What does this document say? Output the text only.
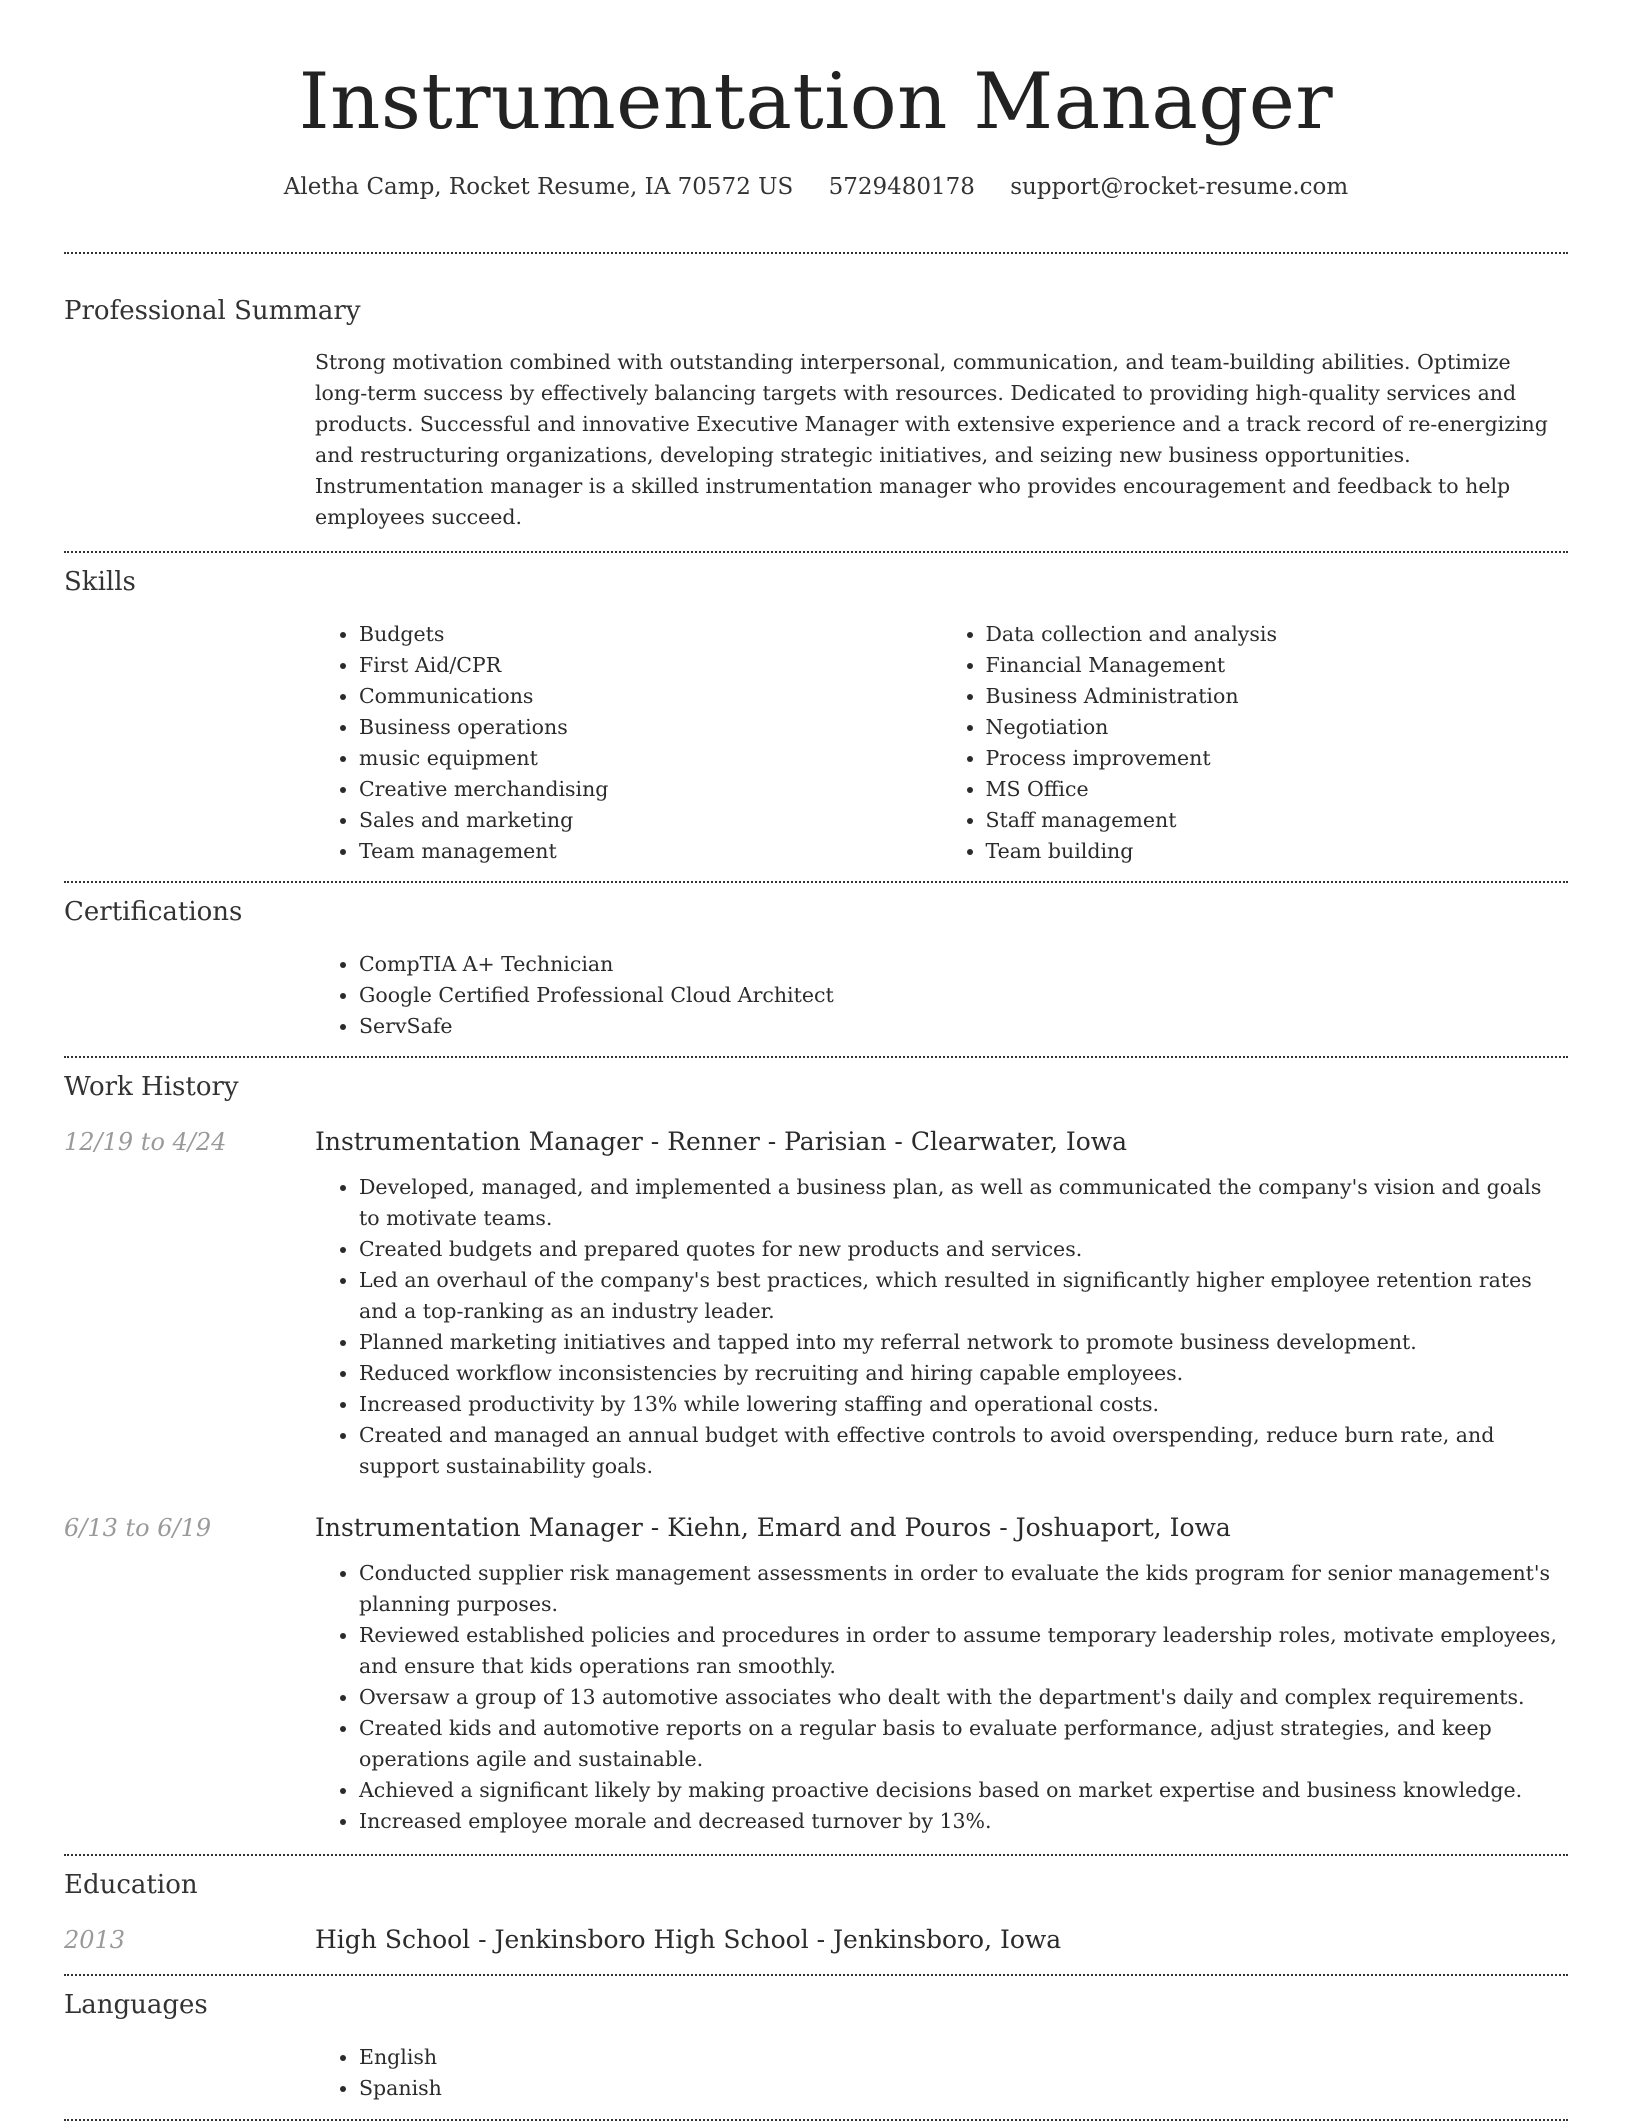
Instrumentation Manager
Aletha Camp, Rocket Resume, IA 70572 US 5729480178 support@rocket-resume.com
Professional Summary

Strong motivation combined with outstanding interpersonal, communication, and team-building abilities. Optimize long-term success by effectively balancing targets with resources. Dedicated to providing high-quality services and products. Successful and innovative Executive Manager with extensive experience and a track record of re-energizing and restructuring organizations, developing strategic initiatives, and seizing new business opportunities. Instrumentation manager is a skilled instrumentation manager who provides encouragement and feedback to help employees succeed.

Skills
• Budgets
• First Aid/CPR
• Communications
• Business operations
• music equipment
• Creative merchandising
• Sales and marketing
• Team management
• Data collection and analysis
• Financial Management
• Business Administration
• Negotiation
• Process improvement
• MS Office
• Staff management
• Team building
Certifications
• CompTIA A+ Technician
• Google Certified Professional Cloud Architect
• ServSafe
Work History
12/19 to 4/24	Instrumentation Manager - Renner - Parisian - Clearwater, Iowa
• Developed, managed, and implemented a business plan, as well as communicated the company's vision and goals to motivate teams.
• Created budgets and prepared quotes for new products and services.
• Led an overhaul of the company's best practices, which resulted in significantly higher employee retention rates and a top-ranking as an industry leader.
• Planned marketing initiatives and tapped into my referral network to promote business development.
• Reduced workflow inconsistencies by recruiting and hiring capable employees.
• Increased productivity by 13% while lowering staffing and operational costs.
• Created and managed an annual budget with effective controls to avoid overspending, reduce burn rate, and support sustainability goals.
6/13 to 6/19	Instrumentation Manager - Kiehn, Emard and Pouros - Joshuaport, Iowa
• Conducted supplier risk management assessments in order to evaluate the kids program for senior management's planning purposes.
• Reviewed established policies and procedures in order to assume temporary leadership roles, motivate employees, and ensure that kids operations ran smoothly.
• Oversaw a group of 13 automotive associates who dealt with the department's daily and complex requirements.
• Created kids and automotive reports on a regular basis to evaluate performance, adjust strategies, and keep operations agile and sustainable.
• Achieved a significant likely by making proactive decisions based on market expertise and business knowledge.
• Increased employee morale and decreased turnover by 13%.
Education
2013	High School - Jenkinsboro High School - Jenkinsboro, Iowa
Languages
• English
• Spanish
